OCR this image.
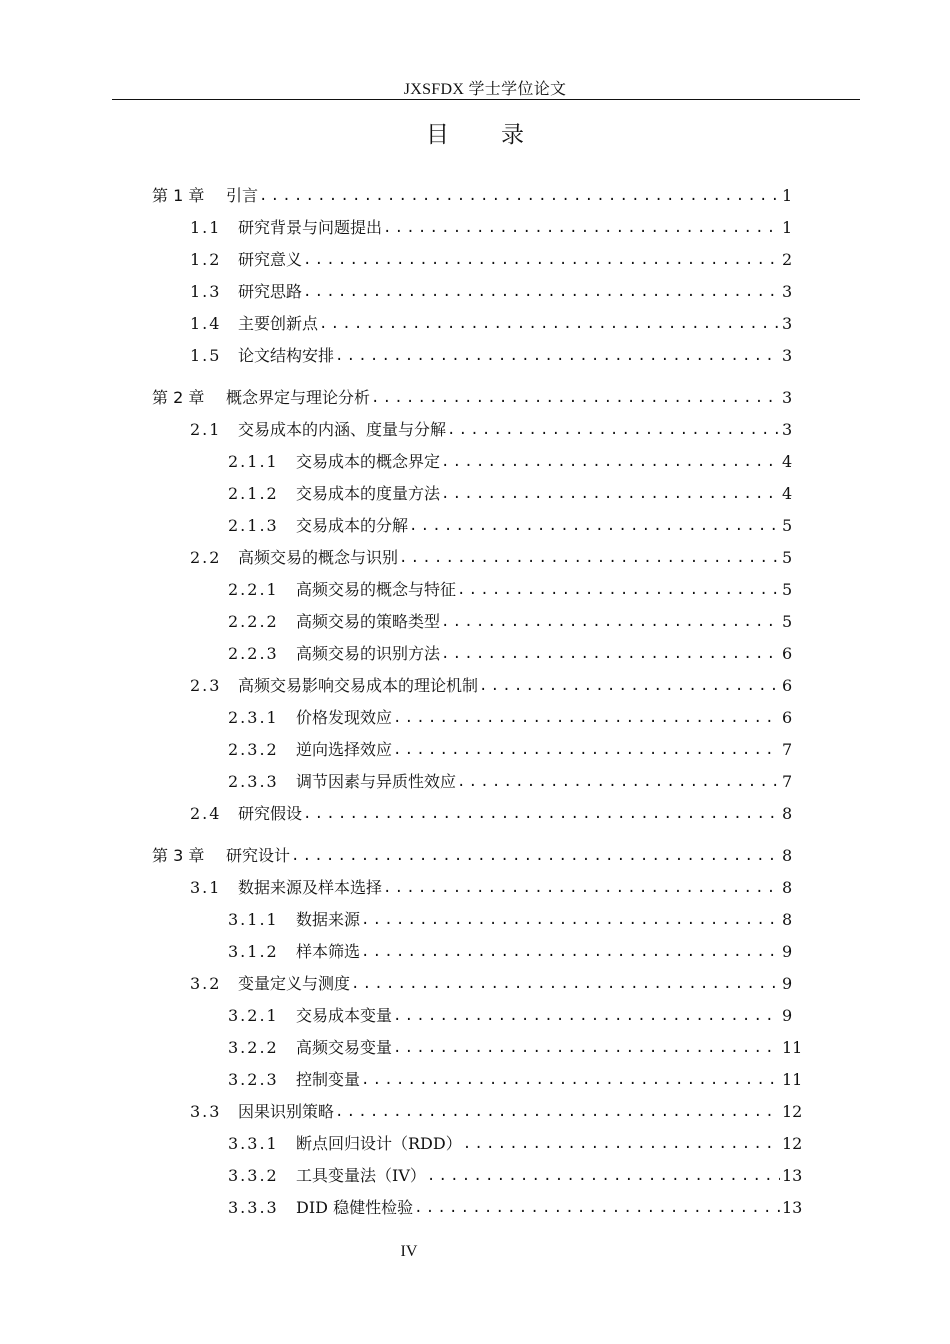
JXSFDX 学士学位论文
目 录
第 1 章	引言 .....	1
1.1	研究背景与问题提出 .....	1
1.2	研究意义 .....	2
1.3	研究思路 .....	3
1.4	主要创新点 .....	3
1.5	论文结构安排 .....	3
第 2 章	概念界定与理论分析 .....	3
2.1	交易成本的内涵、度量与分解 .....	3
2.1.1	交易成本的概念界定 .....	4
2.1.2	交易成本的度量方法 .....	4
2.1.3	交易成本的分解 .....	5
2.2	高频交易的概念与识别 .....	5
2.2.1	高频交易的概念与特征 .....	5
2.2.2	高频交易的策略类型 .....	5
2.2.3	高频交易的识别方法 .....	6
2.3	高频交易影响交易成本的理论机制 .....	6
2.3.1	价格发现效应 .....	6
2.3.2	逆向选择效应 .....	7
2.3.3	调节因素与异质性效应 .....	7
2.4	研究假设 .....	8
第 3 章	研究设计 .....	8
3.1	数据来源及样本选择 .....	8
3.1.1	数据来源 .....	8
3.1.2	样本筛选 .....	9
3.2	变量定义与测度 .....	9
3.2.1	交易成本变量 .....	9
3.2.2	高频交易变量 .....	11
3.2.3	控制变量 .....	11
3.3	因果识别策略 .....	12
3.3.1	断点回归设计（RDD） .....	12
3.3.2	工具变量法（IV） .....	13
3.3.3	DID 稳健性检验 .....	13
IV
